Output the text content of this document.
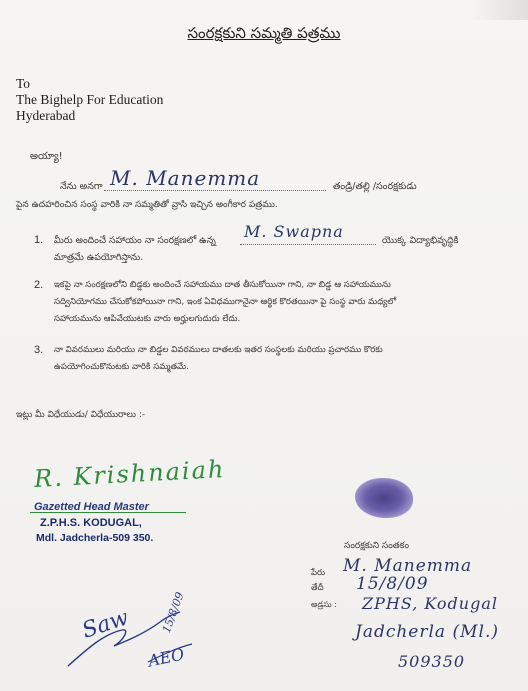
సంరక్షకుని సమ్మతి పత్రము
To
The Bighelp For Education
Hyderabad
అయ్యా!
నేను అనగా M. Manemma	తండ్రి/తల్లి /సంరక్షకుడు
పైన ఉదహరించిన సంస్థ వారికి నా సమ్మతితో వ్రాసి ఇచ్చిన అంగీకార పత్రము.
1. మీరు అందించే సహాయం నా సంరక్షణలో ఉన్న M. Swapna	యొక్క విద్యాభివృద్ధికి
మాత్రమే ఉపయోగిస్తాను.
2. ఇకపై నా సంరక్షణలోని బిడ్డకు అందించే సహాయము దాత తీసుకోయినా గాని, నా బిడ్డ ఆ సహాయమును
సద్వినియోగము చేసుకోకపోయినా గాని, ఇంక ఏవిధముగానైనా ఆర్థిక కొరతయినా పై సంస్థ వారు మధ్యలో
సహాయమును ఆపివేయుటకు వారు అర్హులగుదురు లేదు.
3. నా వివరములు మరియు నా బిడ్డల వివరములు దాతలకు ఇతర సంస్థలకు మరియు ప్రచారము కొరకు
ఉపయోగించుకొనుటకు వారికి సమ్మతమే.
ఇట్లు మీ విధేయుడు/ విధేయురాలు :-
R. Krishnaiah
Gazetted Head Master
Z.P.H.S. KODUGAL,
Mdl. Jadcherla-509 350.
సంరక్షకుని సంతకం
పేరు M. Manemma
తేదీ 15/8/09
అడ్రసు : ZPHS, Kodugal
Jadcherla (Ml.)
509350
Saw	15/8/09
AEO
